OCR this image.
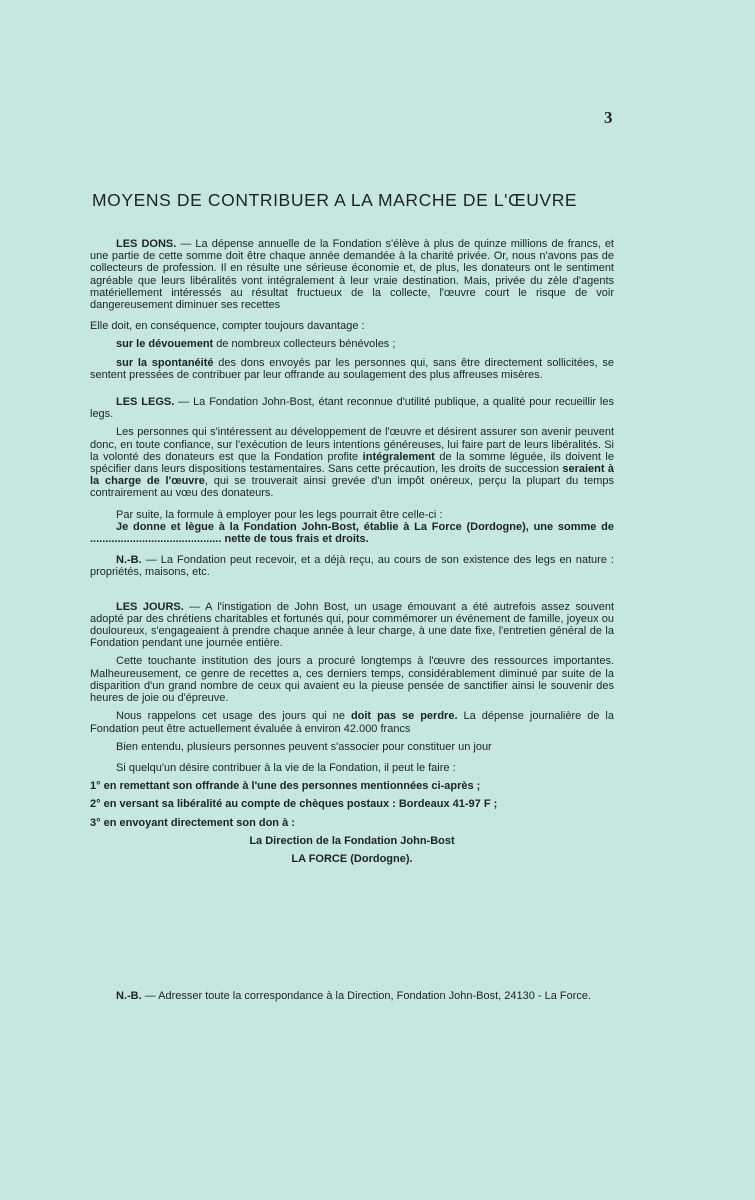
3
MOYENS DE CONTRIBUER A LA MARCHE DE L'ŒUVRE

LES DONS. — La dépense annuelle de la Fondation s'élève à plus de quinze millions de francs, et une partie de cette somme doit être chaque année demandée à la charité privée. Or, nous n'avons pas de collecteurs de profession. Il en résulte une sérieuse économie et, de plus, les donateurs ont le sentiment agréable que leurs libéralités vont intégralement à leur vraie destination. Mais, privée du zèle d'agents matériellement intéressés au résultat fructueux de la collecte, l'œuvre court le risque de voir dangereusement diminuer ses recettes

Elle doit, en conséquence, compter toujours davantage :

sur le dévouement de nombreux collecteurs bénévoles ;

sur la spontanéité des dons envoyés par les personnes qui, sans être directement sollicitées, se sentent pressées de contribuer par leur offrande au soulagement des plus affreuses misères.

LES LEGS. — La Fondation John-Bost, étant reconnue d'utilité publique, a qualité pour recueillir les legs.

Les personnes qui s'intéressent au développement de l'œuvre et désirent assurer son avenir peuvent donc, en toute confiance, sur l'exécution de leurs intentions généreuses, lui faire part de leurs libéralités. Si la volonté des donateurs est que la Fondation profite intégralement de la somme léguée, ils doivent le spécifier dans leurs dispositions testamentaires. Sans cette précaution, les droits de succession seraient à la charge de l'œuvre, qui se trouverait ainsi grevée d'un impôt onéreux, perçu la plupart du temps contrairement au vœu des donateurs.

Par suite, la formule à employer pour les legs pourrait être celle-ci :

Je donne et lègue à la Fondation John-Bost, établie à La Force (Dordogne), une somme de ........................................... nette de tous frais et droits.

N.-B. — La Fondation peut recevoir, et a déjà reçu, au cours de son existence des legs en nature : propriétés, maisons, etc.

LES JOURS. — A l'instigation de John Bost, un usage émouvant a été autrefois assez souvent adopté par des chrétiens charitables et fortunés qui, pour commémorer un événement de famille, joyeux ou douloureux, s'engageaient à prendre chaque année à leur charge, à une date fixe, l'entretien général de la Fondation pendant une journée entière.

Cette touchante institution des jours a procuré longtemps à l'œuvre des ressources importantes. Malheureusement, ce genre de recettes a, ces derniers temps, considérablement diminué par suite de la disparition d'un grand nombre de ceux qui avaient eu la pieuse pensée de sanctifier ainsi le souvenir des heures de joie ou d'épreuve.

Nous rappelons cet usage des jours qui ne doit pas se perdre. La dépense journalière de la Fondation peut être actuellement évaluée à environ 42.000 francs

Bien entendu, plusieurs personnes peuvent s'associer pour constituer un jour

Si quelqu'un désire contribuer à la vie de la Fondation, il peut le faire :

1° en remettant son offrande à l'une des personnes mentionnées ci-après ;

2° en versant sa libéralité au compte de chèques postaux : Bordeaux 41-97 F ;

3° en envoyant directement son don à :

La Direction de la Fondation John-Bost

LA FORCE (Dordogne).

N.-B. — Adresser toute la correspondance à la Direction, Fondation John-Bost, 24130 - La Force.
